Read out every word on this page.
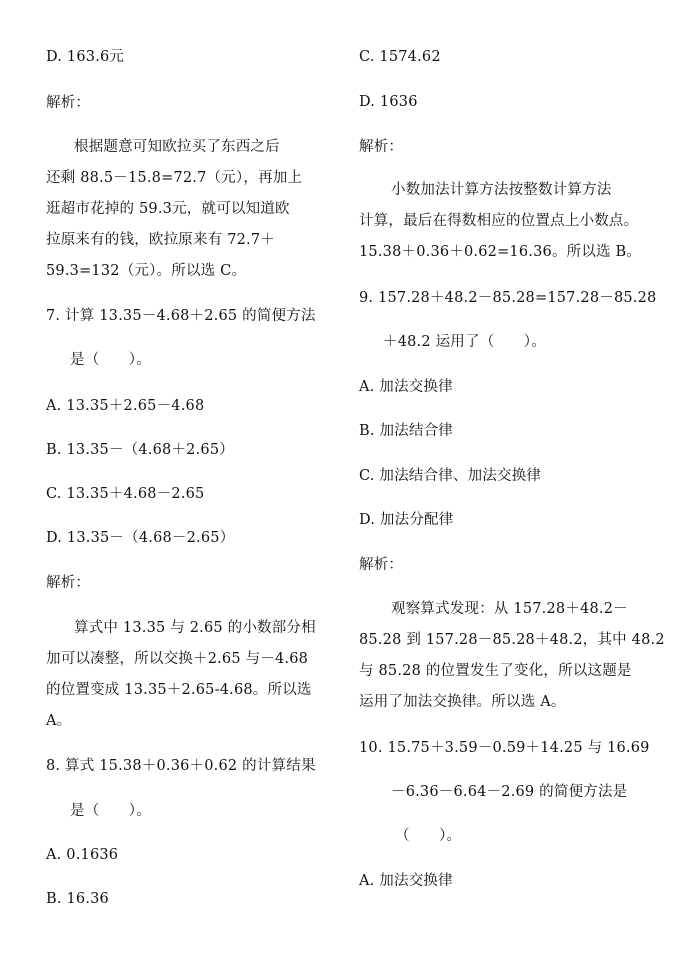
D. 163.6元
解析：
根据题意可知欧拉买了东西之后
还剩 88.5－15.8=72.7（元），再加上
逛超市花掉的 59.3元，就可以知道欧
拉原来有的钱，欧拉原来有 72.7＋
59.3=132（元）。所以选 C。
7. 计算 13.35－4.68＋2.65 的简便方法
是（　　）。
A. 13.35＋2.65－4.68
B. 13.35－（4.68＋2.65）
C. 13.35＋4.68－2.65
D. 13.35－（4.68－2.65）
解析：
算式中 13.35 与 2.65 的小数部分相
加可以凑整，所以交换＋2.65 与－4.68
的位置变成 13.35＋2.65-4.68。所以选
A。
8. 算式 15.38＋0.36＋0.62 的计算结果
是（　　）。
A. 0.1636
B. 16.36
C. 1574.62
D. 1636
解析：
小数加法计算方法按整数计算方法
计算，最后在得数相应的位置点上小数点。
15.38＋0.36＋0.62=16.36。所以选 B。
9. 157.28＋48.2－85.28=157.28－85.28
＋48.2 运用了（　　）。
A. 加法交换律
B. 加法结合律
C. 加法结合律、加法交换律
D. 加法分配律
解析：
观察算式发现：从 157.28＋48.2－
85.28 到 157.28－85.28＋48.2，其中 48.2
与 85.28 的位置发生了变化，所以这题是
运用了加法交换律。所以选 A。
10. 15.75＋3.59－0.59＋14.25 与 16.69
－6.36－6.64－2.69 的简便方法是
（　　）。
A. 加法交换律
